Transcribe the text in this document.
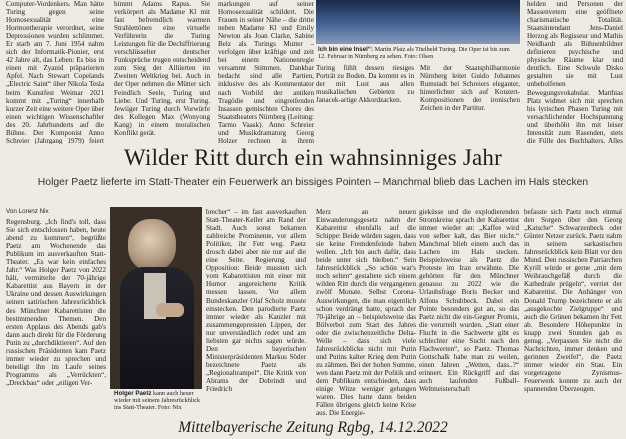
Computer-Vordenkers. Man hätte Turing gegen seine Homosexualität eine Hormontherapie verordnet, seine Depressionen wurden schlimmer. Er starb am 7. Juni 1954 nahm sich der Informatik-Pionier, erst 42 Jahre alt, das Leben: Es biss in einen mit Zyanid präparierten Apfel. Nach Stewart Copelands „Electric Saint“ über Nikola Tesla beim Kunstfest Weimar 2021 kommt mit „Turing“ innerhalb kurzer Zeit eine weitere Oper über einen wichtigen Wissenschaftler des 20. Jahrhunderts auf die Bühne. Der Komponist Anno Schreier (Jahrgang 1979) feiert

himmt Adams Rapus. Sie verkörpert als Madame Kl mit fast befremdlich warmen Strahlettönen eine virtuelle Verführerin die Turing Leistungen für die Dechiffrierung verschlüsselter deutscher Funksprüche trugen entscheidend zum Sieg der Alliierten im Zweiten Weltkrieg bei. Auch in der Oper nehmen die Mütter sich Feindlich Seele, Turing und Liebe. Und Turing, erst Turing. Jewiiger Turing durch Vorwürfe des Kollegen Max (Wonyong Kang) in einem moralischen Konflikt gerät.

markungen auf seiner Homosexualität schildert. Die Frauen in seiner Nähe – die dritte neben Madame Kl und Emily Newton als Joan Clarke, Sabine Belz als Turings Mutter – verfolgen über kräftige und zeit bei einem Nationenregie versammt Stimmen. Dankbar bedacht sind alle Partien, inklusive des als Kommentator nach Vorbild der antiken Tragödie und eingreifenden Insassen gemischten Chores des Staatstheaters Nürnberg (Leitung: Tarmo Vaask). Anno Schreier und Musikdramaturg Georg Holzer rechnen in ihrem

Ich bin eine Insel“: Martin Platz als Titelheld Turing. Die Oper ist bis zum 12. Februar in Nürnberg zu sehen. Foto: Olsen

Turing fühlt dessen riesiges Porträt zu Boden. Da kommt es in der mit Lust aus allen musikalischen Gebieten zu Janacek-artige Akkordzacken.

Mit der Staatsphilharmonie Nürnberg leitet Guido Johannes Rumstadt bei Schreiers eleganter, hinterlichter sich auf Konzert-Kompositionen der ironischen Zeichen in der Partitur.

helden und Personen der Massenvetern eine geöffnete charismatische Totalität. Staatsintendant Jens-Daniel Herzog als Regisseur und Mathis Neidhardt als Bühnenbildner definieren psychische und physische Räume klar und deutlich. Eine Schwule Disko gestalten sie mit Lust unbeholfenen Bewegungsvokabular. Matthias Platz widmet sich mit sprechen bis lyrischen Phasen Turing mit versachlichender Hochspannung und überhöht ihn mit leiser Intensität zum Rasenden, stets die Fülle des Buchhalters. Alles

Wilder Ritt durch ein wahnsinniges Jahr
Holger Paetz lieferte im Statt-Theater ein Feuerwerk an bissiges Pointen – Manchmal blieb das Lachen im Hals stecken
Von Lorenz Nix

Regensburg. „Ich find's toll, dass Sie sich entschlossen haben, heute abend zu kommen“, begrüßte Paetz am Wochenende das Publikum im ausverkauften Statt-Theater. „Es war kein einfaches Jahr.“ Was Holger Paetz von 2022 hält, vermittelte der 70-jährige Kabarettist aus Bayern in der Ukraine und dessen Auswirkungen seinen satirischen Jahresrückblick des Münchner Kabarettisten die bestimmenden Themen. Den ersten Applaus des Abends gab's dann auch direkt für die Förderung Putin zu „durchdiktieren“. Auf den russischen Präsidenten kam Paetz immer wieder zu sprechen und beteiligt ihn im Laufe seines Programms als „Verrückten“, „Dreckbau“ oder „eiligen Ver-

Holger Paetz kann auch heuer wieder mit seinem Jahresrückblick ins Statt-Theater. Foto: Nix

brecher“ – im fast ausverkauften Statt-Theater-Keller am Rand der Stadt. Auch sonst bekamen zahlreiche Prominente, vor allem Politiker, ihr Fett weg. Paetz drosch dabei aber nie nur auf die eine Seite. Regierung und Opposition: Beide mussten sich vom Kabarettisten mit einer mit Humor angereicherte Kritik messen lassen. Vor allem Bundeskanzler Olaf Scholz musste einstecken. Den parodierte Paetz immer wieder als Kanzler mit zusammengepressten Lippen, der nur unverständlich redet und am liebsten gar nichts sagen würde. Den bayerischen Ministerpräsidenten Markus Söder bezeichnete Paetz als „Regionaltrampel“. Die Kritik von Abrams der Dobrindt und Friedrich

Merz an neuen Einwanderungsgesetz nahm der Kabarettist ebenfalls auf die Schippe: Beide würden sagen, dass sie keine Fremdenfeinde haben wollen. „Ich bin auch dafür, dass beide unter sich bleiben.“ Sein Jahresrückblick „So schön war's noch selten“ gestaltete sich einem wilden Ritt durch die vergangenen zwölf Monate. Selbst Corona-Auswirkungen, die man eigentlich schon verdrängt hatte, sprach der 70-jährige an – beispielsweise das Bölverbot zum Start des Jahres oder die zwischenzeitliche Delta-Welle – dass sich viele Jahresrückblicke nicht mit Putin und Putins kalter Krieg dem Putin zu zähmen. Bei der hohen Summe, wen dann Paetz mit der Politik und dem Publikum entschieden, dass einige Witze weniger gelungen waren. Dies hatte dann beiden Fällen übrigens gleich keine Krise aus. Die Energie-

gieküsse und die explodierenden Stromkreise sprach der Kabarettist immer wieder an: „Kaffee wird von selber kalt, das Bier nicht.“ Manchmal blieb einem auch das Lachen im Hals stecken. Beispielsweise als Paetz die Proteste im Iran erwähnte. Die gehörten für den Münchner genauso zu 2022 wie die Urlaubsfrage Boris Becker und Alfons Schuhbeck. Dabei ein Pointe besonders gut an, so das Paetz nicht die ein-Gegner Promis, die verurteilt wurden. „Statt einer Flucht in die Sachwerte gibt es schlechter eine Sucht nach den Flachwerten“, so Paetz. Thomas Gottschalk habe man zu weilen, einen Jahren „Wetten, dass..?“ erinnert. Ein Rückgriff auf das auch laufenden Fußball-Weltmeisterschaft

befasste sich Paetz noch einmal den Sorgen über den Georg „Katsche“ Schwarzenbeck oder Günter Netzer zurück. Paetz nahm in seinem sarkastischen Jahresrückblick kein Blatt vor den Mund. Den russischen Patriarchen Kyrill würde er gerne „mit dem Weihrauchgefäß durch die Kathedrale prügeln“, verriet der Kabarettist. Die Anhänger von Donald Trump bezeichnete er als „ausgekochte Zielgruppe“ und auch die Grünen bekamen ihr Fett ab. Besondere Höhepunkte in knapp zwei Stunden gab es genug. „Verpassen Sie nicht die Nachrichten, immer denken und gerinnen Zweifel“, die Paetz immer wieder ein Stau. Ein vorgetragene Zynismus-Feuerwerk konnte zu auch der spannenden Überzeugen.

Mittelbayerische Zeitung Rgbg, 14.12.2022
